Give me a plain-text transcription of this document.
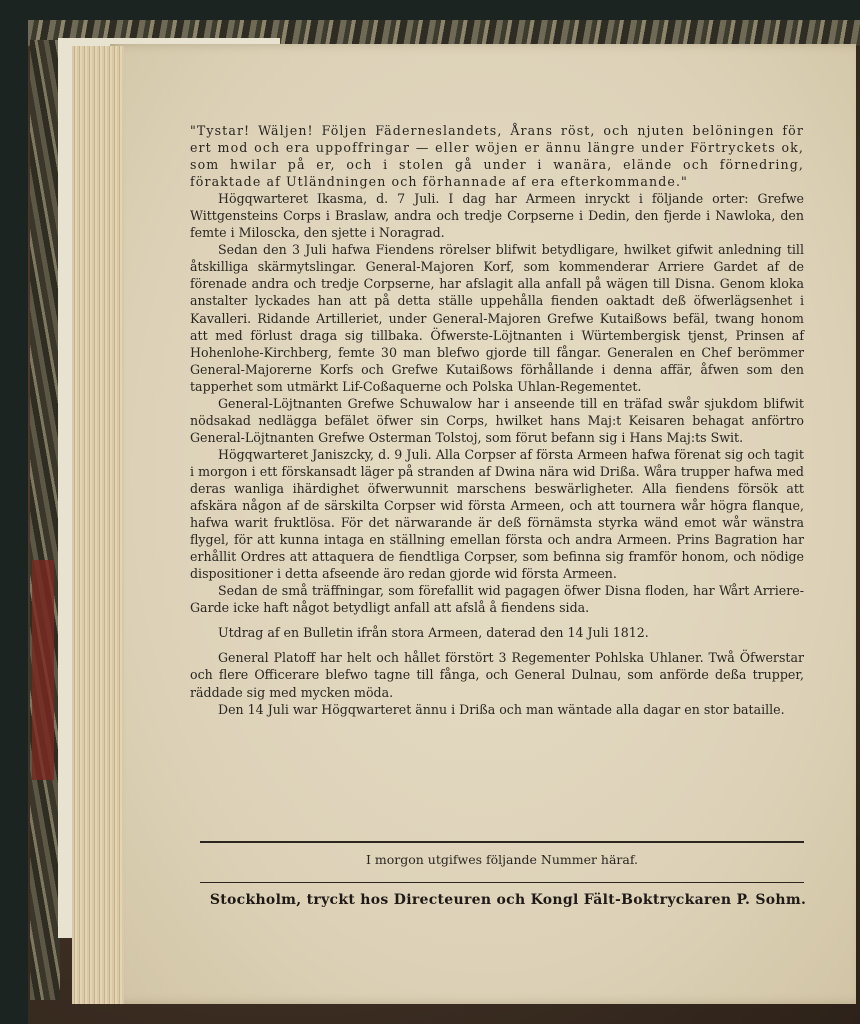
"Tystar! Wäljen! Följen Fäderneslandets, Årans röst, och njuten belöningen för ert mod och era uppoffringar — eller wöjen er ännu längre under Förtryckets ok, som hwilar på er, och i stolen gå under i wanära, elände och förnedring, föraktade af Utländningen och förhannade af era efterkommande."

Högqwarteret Ikasma, d. 7 Juli. I dag har Armeen inryckt i följande orter: Grefwe Wittgensteins Corps i Braslaw, andra och tredje Corpserne i Dedin, den fjerde i Nawloka, den femte i Miloscka, den sjette i Noragrad.

Sedan den 3 Juli hafwa Fiendens rörelser blifwit betydligare, hwilket gifwit anledning till åtskilliga skärmytslingar. General-Majoren Korf, som kommenderar Arriere Gardet af de förenade andra och tredje Corpserne, har afslagit alla anfall på wägen till Disna. Genom kloka anstalter lyckades han att på detta ställe uppehålla fienden oaktadt deß öfwerlägsenhet i Kavalleri. Ridande Artilleriet, under General-Majoren Grefwe Kutaißows befäl, twang honom att med förlust draga sig tillbaka. Öfwerste-Löjtnanten i Würtembergisk tjenst, Prinsen af Hohenlohe-Kirchberg, femte 30 man blefwo gjorde till fångar. Generalen en Chef berömmer General-Majorerne Korfs och Grefwe Kutaißows förhållande i denna affär, åfwen som den tapperhet som utmärkt Lif-Coßaquerne och Polska Uhlan-Regementet.

General-Löjtnanten Grefwe Schuwalow har i anseende till en träfad swår sjukdom blifwit nödsakad nedlägga befälet öfwer sin Corps, hwilket hans Maj:t Keisaren behagat anförtro General-Löjtnanten Grefwe Osterman Tolstoj, som förut befann sig i Hans Maj:ts Swit.

Högqwarteret Janiszcky, d. 9 Juli. Alla Corpser af första Armeen hafwa förenat sig och tagit i morgon i ett förskansadt läger på stranden af Dwina nära wid Drißa. Wåra trupper hafwa med deras wanliga ihärdighet öfwerwunnit marschens beswärligheter. Alla fiendens försök att afskära någon af de särskilta Corpser wid första Armeen, och att tournera wår högra flanque, hafwa warit fruktlösa. För det närwarande är deß förnämsta styrka wänd emot wår wänstra flygel, för att kunna intaga en ställning emellan första och andra Armeen. Prins Bagration har erhållit Ordres att attaquera de fiendtliga Corpser, som befinna sig framför honom, och nödige dispositioner i detta afseende äro redan gjorde wid första Armeen.

Sedan de små träffningar, som förefallit wid pagagen öfwer Disna floden, har Wårt Arriere-Garde icke haft något betydligt anfall att afslå å fiendens sida.

Utdrag af en Bulletin ifrån stora Armeen, daterad den 14 Juli 1812.

General Platoff har helt och hållet förstört 3 Regementer Pohlska Uhlaner. Twå Öfwerstar och flere Officerare blefwo tagne till fånga, och General Dulnau, som anförde deßa trupper, räddade sig med mycken möda.

Den 14 Juli war Högqwarteret ännu i Drißa och man wäntade alla dagar en stor bataille.

I morgon utgifwes följande Nummer häraf.
Stockholm, tryckt hos Directeuren och Kongl Fält-Boktryckaren P. Sohm.
